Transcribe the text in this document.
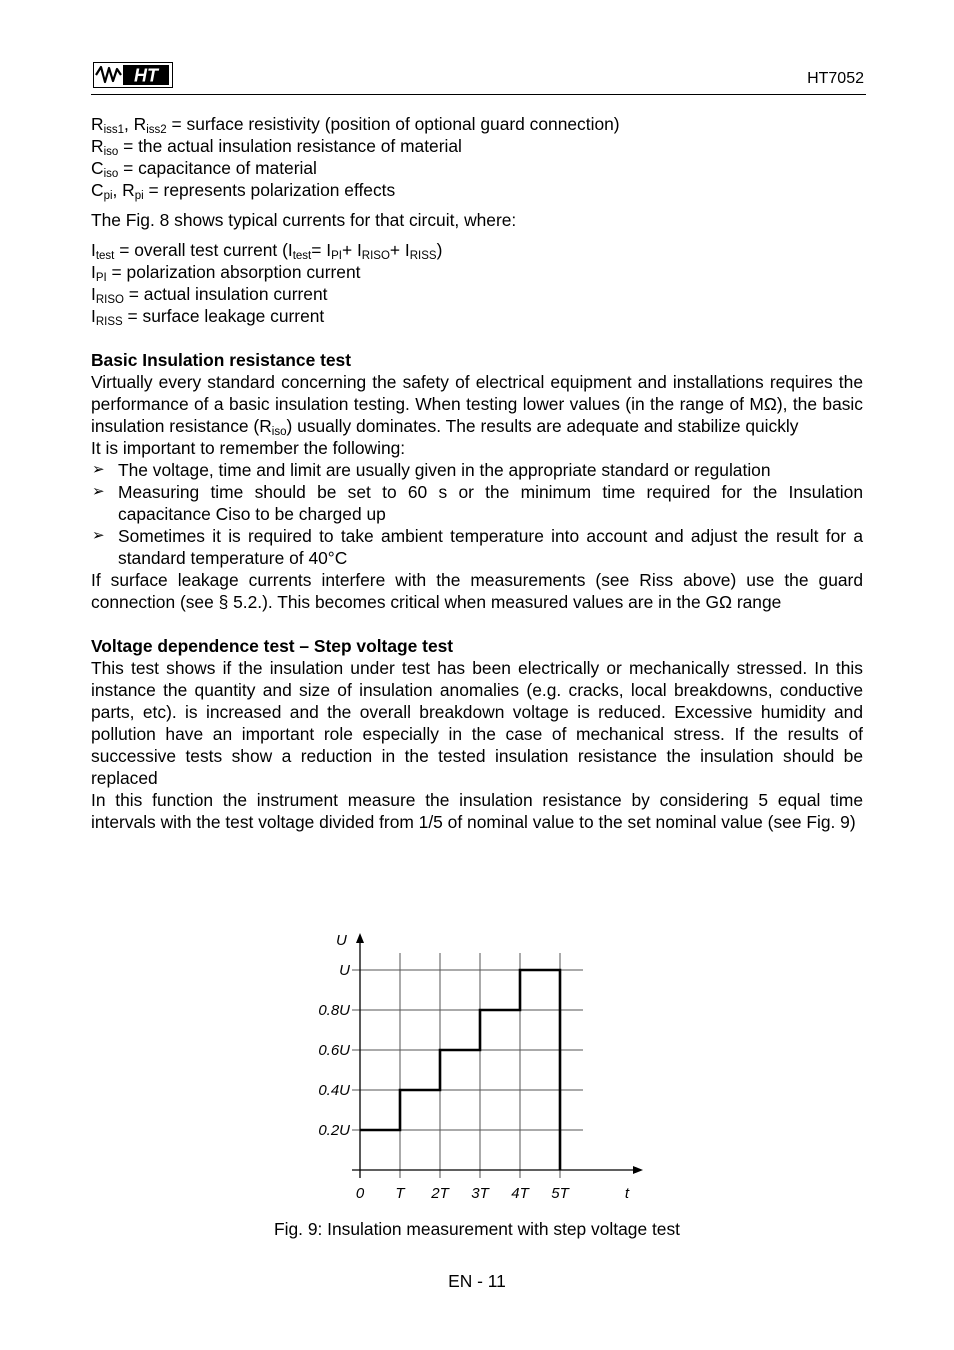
HT	HT7052

$R_{iss1}$, $R_{iss2}$ = surface resistivity (position of optional guard connection)

$R_{iso}$ = the actual insulation resistance of material

$C_{iso}$ = capacitance of material

$C_{pi}$, $R_{pi}$ = represents polarization effects

The Fig. 8 shows typical currents for that circuit, where:

$I_{test}$ = overall test current $(I_{test}= I_{PI}+ I_{RISO}+ I_{RISS})$

$I_{PI}$ = polarization absorption current

$I_{RISO}$ = actual insulation current

$I_{RISS}$ = surface leakage current

Basic Insulation resistance test

Virtually every standard concerning the safety of electrical equipment and installations requires the performance of a basic insulation testing. When testing lower values (in the range of MΩ), the basic insulation resistance $(R_{iso})$ usually dominates. The results are adequate and stabilize quickly

It is important to remember the following:

➢ The voltage, time and limit are usually given in the appropriate standard or regulation
➢ Measuring time should be set to 60 s or the minimum time required for the Insulation capacitance Ciso to be charged up
➢ Sometimes it is required to take ambient temperature into account and adjust the result for a standard temperature of 40°C

If surface leakage currents interfere with the measurements (see Riss above) use the guard connection (see § 5.2.). This becomes critical when measured values are in the GΩ range

Voltage dependence test – Step voltage test

This test shows if the insulation under test has been electrically or mechanically stressed. In this instance the quantity and size of insulation anomalies (e.g. cracks, local breakdowns, conductive parts, etc). is increased and the overall breakdown voltage is reduced. Excessive humidity and pollution have an important role especially in the case of mechanical stress. If the results of successive tests show a reduction in the tested insulation resistance the insulation should be replaced

In this function the instrument measure the insulation resistance by considering 5 equal time intervals with the test voltage divided from 1/5 of nominal value to the set nominal value (see Fig. 9)

0.2U
0.4U
0.6U
0.8U
U
U
0 T 2T 3T 4T 5T	t
Fig. 9: Insulation measurement with step voltage test
EN - 11
